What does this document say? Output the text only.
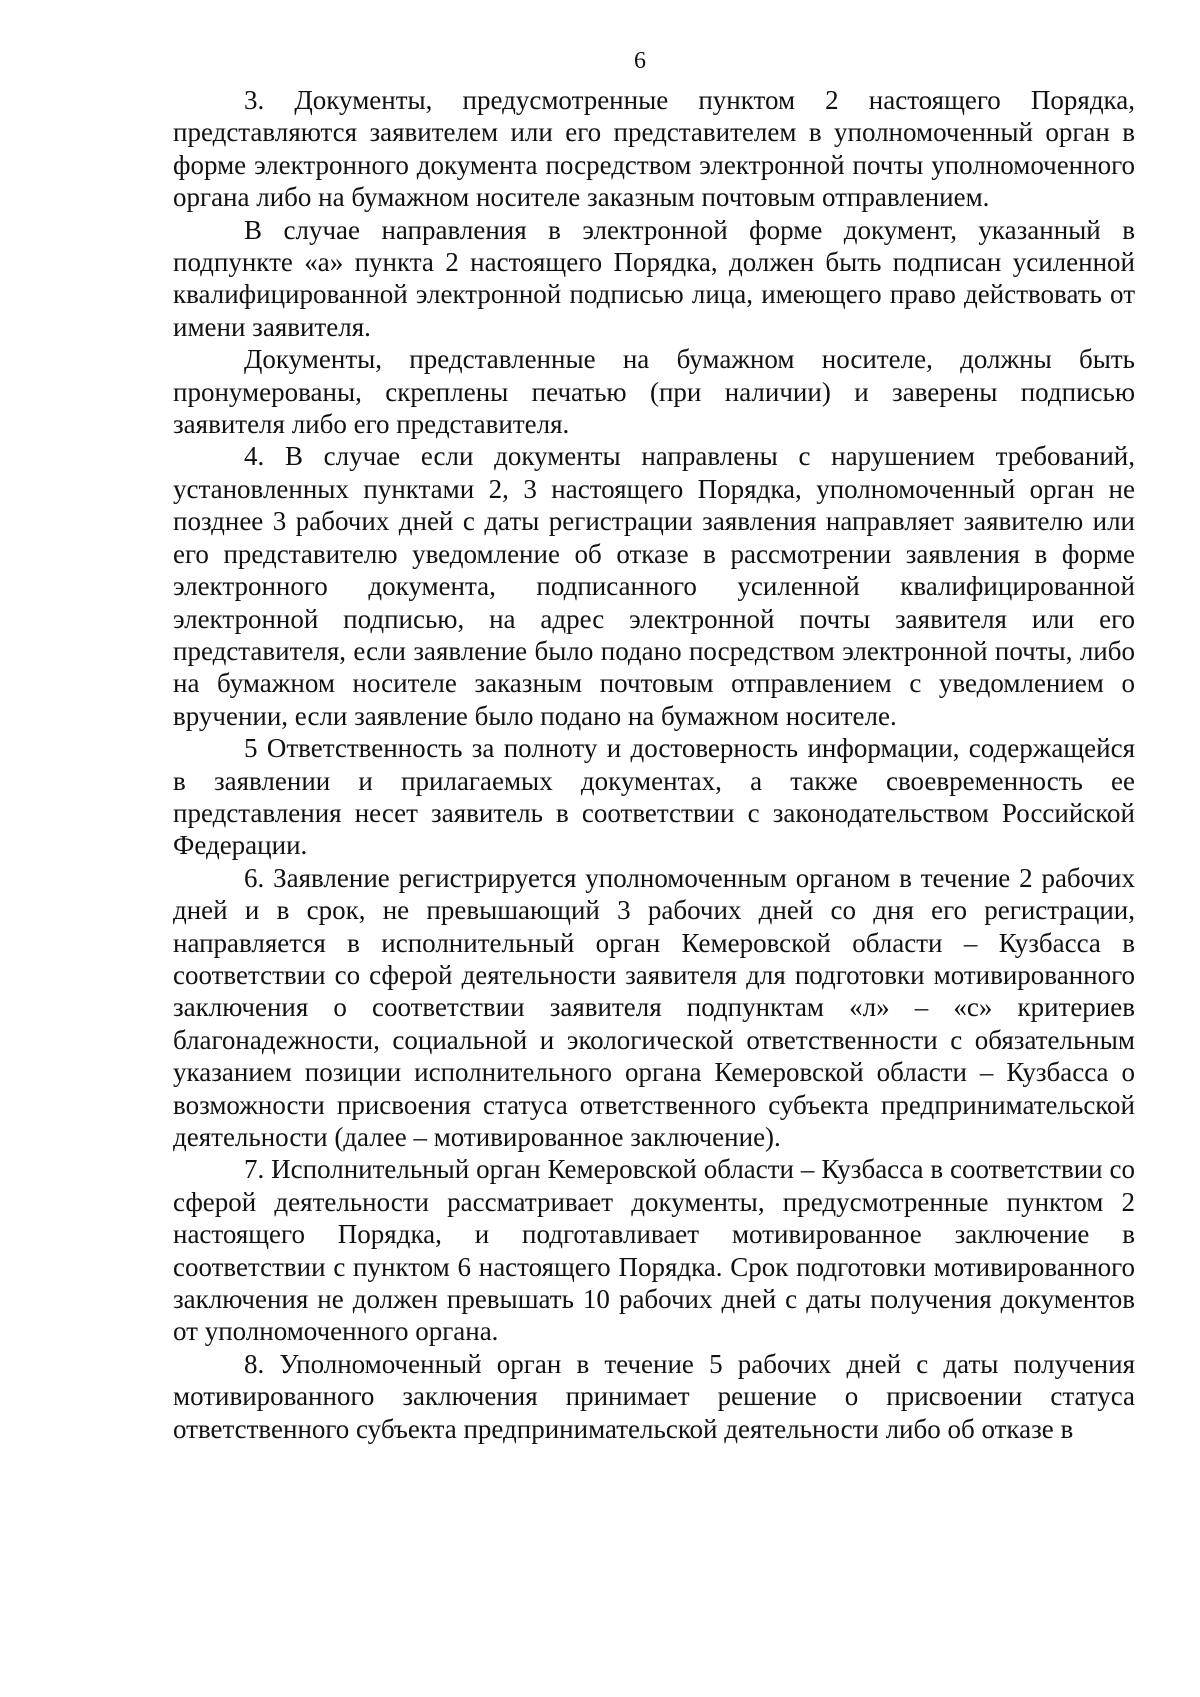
6

3. Документы, предусмотренные пунктом 2 настоящего Порядка, представляются заявителем или его представителем в уполномоченный орган в форме электронного документа посредством электронной почты уполномоченного органа либо на бумажном носителе заказным почтовым отправлением.

В случае направления в электронной форме документ, указанный в подпункте «а» пункта 2 настоящего Порядка, должен быть подписан усиленной квалифицированной электронной подписью лица, имеющего право действовать от имени заявителя.

Документы, представленные на бумажном носителе, должны быть пронумерованы, скреплены печатью (при наличии) и заверены подписью заявителя либо его представителя.

4. В случае если документы направлены с нарушением требований, установленных пунктами 2, 3 настоящего Порядка, уполномоченный орган не позднее 3 рабочих дней с даты регистрации заявления направляет заявителю или его представителю уведомление об отказе в рассмотрении заявления в форме электронного документа, подписанного усиленной квалифицированной электронной подписью, на адрес электронной почты заявителя или его представителя, если заявление было подано посредством электронной почты, либо на бумажном носителе заказным почтовым отправлением с уведомлением о вручении, если заявление было подано на бумажном носителе.

5 Ответственность за полноту и достоверность информации, содержащейся в заявлении и прилагаемых документах, а также своевременность ее представления несет заявитель в соответствии с законодательством Российской Федерации.

6. Заявление регистрируется уполномоченным органом в течение 2 рабочих дней и в срок, не превышающий 3 рабочих дней со дня его регистрации, направляется в исполнительный орган Кемеровской области – Кузбасса в соответствии со сферой деятельности заявителя для подготовки мотивированного заключения о соответствии заявителя подпунктам «л» – «с» критериев благонадежности, социальной и экологической ответственности с обязательным указанием позиции исполнительного органа Кемеровской области – Кузбасса о возможности присвоения статуса ответственного субъекта предпринимательской деятельности (далее – мотивированное заключение).

7. Исполнительный орган Кемеровской области – Кузбасса в соответствии со сферой деятельности рассматривает документы, предусмотренные пунктом 2 настоящего Порядка, и подготавливает мотивированное заключение в соответствии с пунктом 6 настоящего Порядка. Срок подготовки мотивированного заключения не должен превышать 10 рабочих дней с даты получения документов от уполномоченного органа.

8. Уполномоченный орган в течение 5 рабочих дней с даты получения мотивированного заключения принимает решение о присвоении статуса ответственного субъекта предпринимательской деятельности либо об отказе в
